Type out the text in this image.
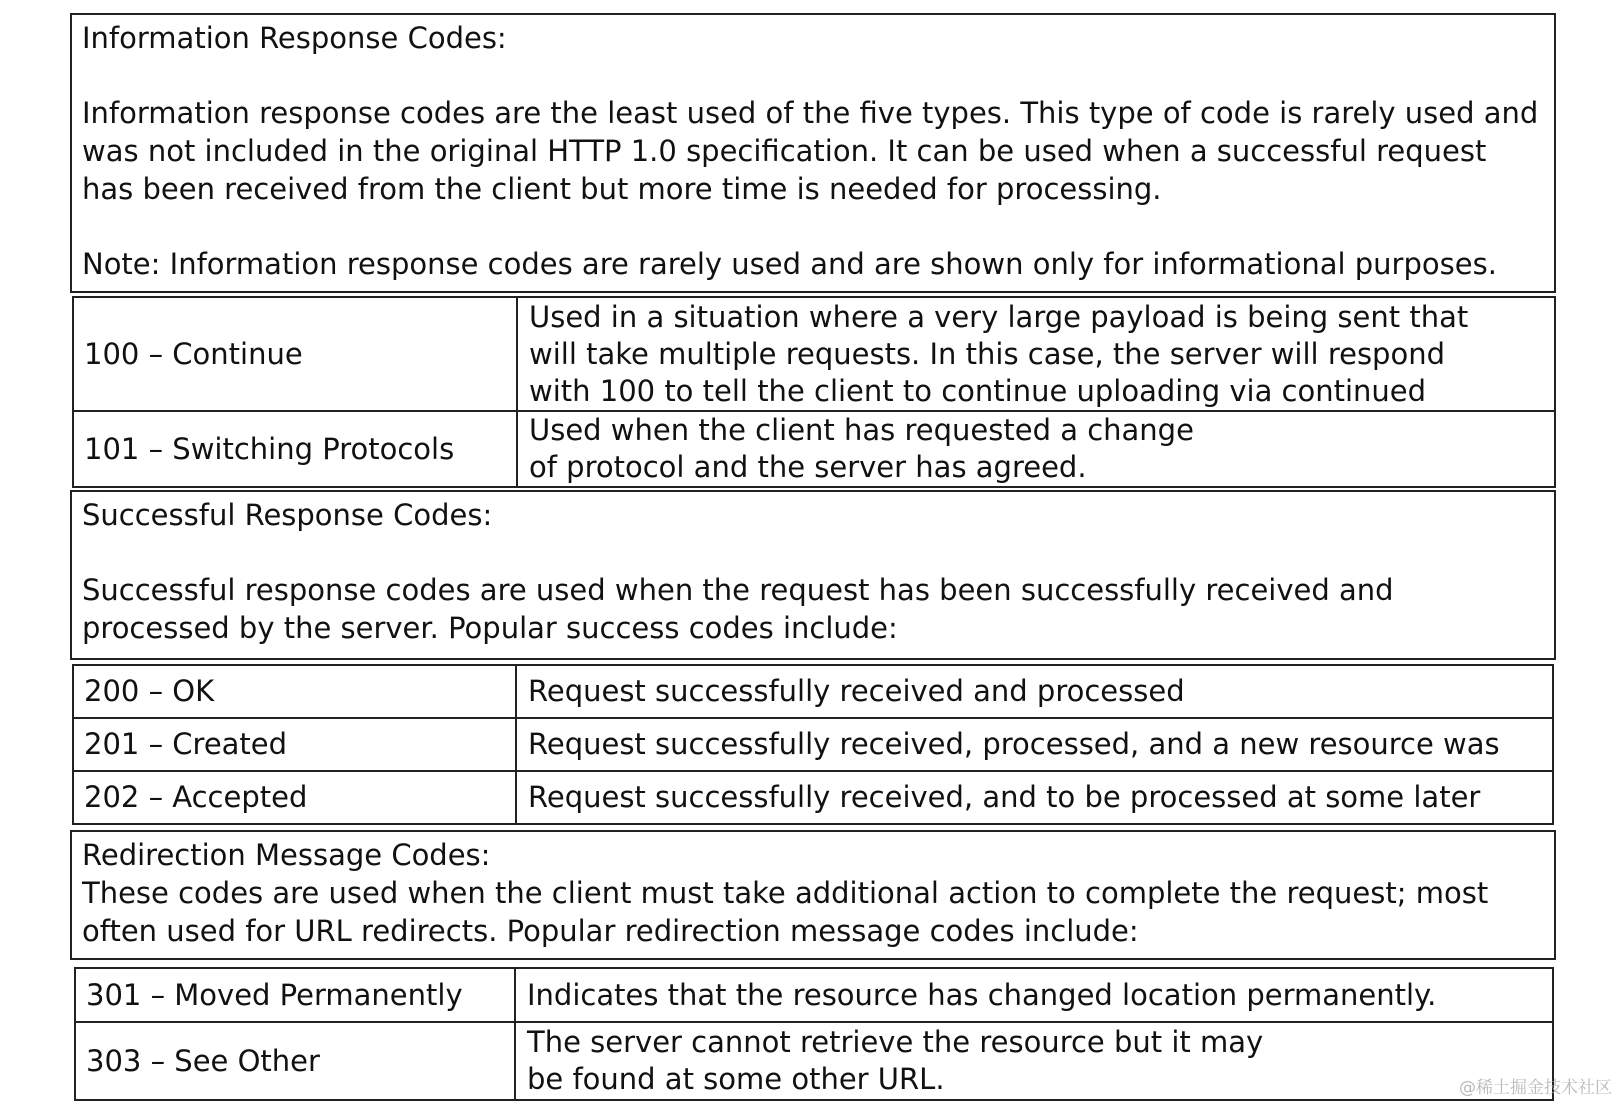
Information Response Codes:
Information response codes are the least used of the five types. This type of code is rarely used and
was not included in the original HTTP 1.0 specification. It can be used when a successful request
has been received from the client but more time is needed for processing.
Note: Information response codes are rarely used and are shown only for informational purposes.
100 – Continue	Used in a situation where a very large payload is being sent that
will take multiple requests. In this case, the server will respond
with 100 to tell the client to continue uploading via continued

101 – Switching Protocols	Used when the client has requested a change
of protocol and the server has agreed.
Successful Response Codes:
Successful response codes are used when the request has been successfully received and
processed by the server. Popular success codes include:
200 – OK	Request successfully received and processed
201 – Created	Request successfully received, processed, and a new resource was
202 – Accepted	Request successfully received, and to be processed at some later
Redirection Message Codes:
These codes are used when the client must take additional action to complete the request; most
often used for URL redirects. Popular redirection message codes include:
301 – Moved Permanently	Indicates that the resource has changed location permanently.

303 – See Other	The server cannot retrieve the resource but it may
be found at some other URL.	@稀土掘金技术社区
